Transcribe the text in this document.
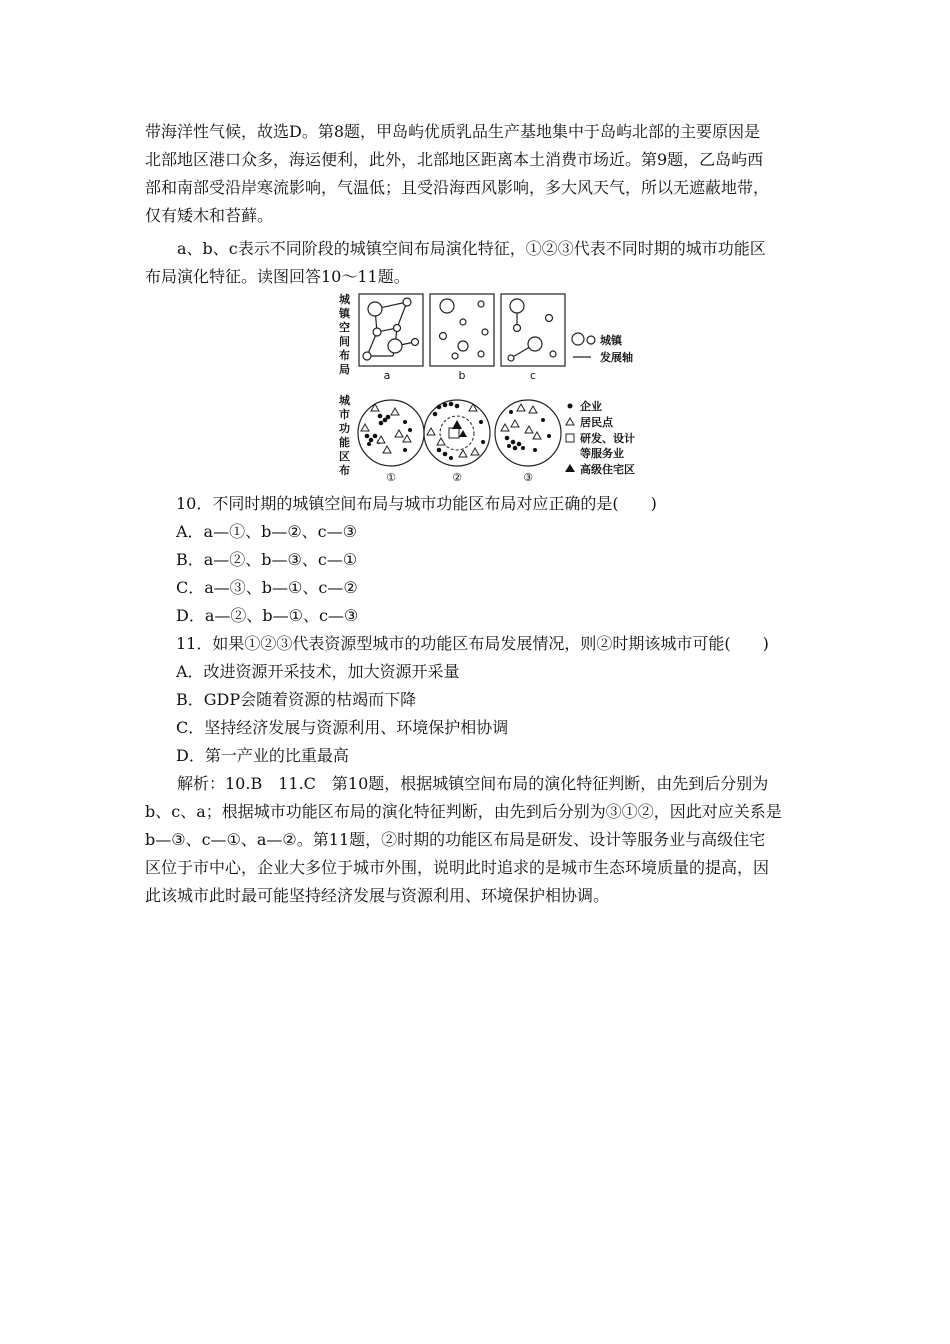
带海洋性气候，故选D。第8题，甲岛屿优质乳品生产基地集中于岛屿北部的主要原因是

北部地区港口众多，海运便利，此外，北部地区距离本土消费市场近。第9题，乙岛屿西

部和南部受沿岸寒流影响，气温低；且受沿海西风影响，多大风天气，所以无遮蔽地带，

仅有矮木和苔藓。

a、b、c表示不同阶段的城镇空间布局演化特征，①②③代表不同时期的城市功能区

布局演化特征。读图回答10～11题。

城
镇
空
间
布
局	a	b	c
城镇
发展轴
城
市
功
能
区
布
①	②	③
企业
居民点
研发、设计
等服务业
高级住宅区

10．不同时期的城镇空间布局与城市功能区布局对应正确的是(　　)

A．a—①、b—②、c—③

B．a—②、b—③、c—①

C．a—③、b—①、c—②

D．a—②、b—①、c—③

11．如果①②③代表资源型城市的功能区布局发展情况，则②时期该城市可能(　　)

A．改进资源开采技术，加大资源开采量

B．GDP会随着资源的枯竭而下降

C．坚持经济发展与资源利用、环境保护相协调

D．第一产业的比重最高

解析：10.B　11.C　第10题，根据城镇空间布局的演化特征判断，由先到后分别为

b、c、a；根据城市功能区布局的演化特征判断，由先到后分别为③①②，因此对应关系是

b—③、c—①、a—②。第11题，②时期的功能区布局是研发、设计等服务业与高级住宅

区位于市中心，企业大多位于城市外围，说明此时追求的是城市生态环境质量的提高，因

此该城市此时最可能坚持经济发展与资源利用、环境保护相协调。
